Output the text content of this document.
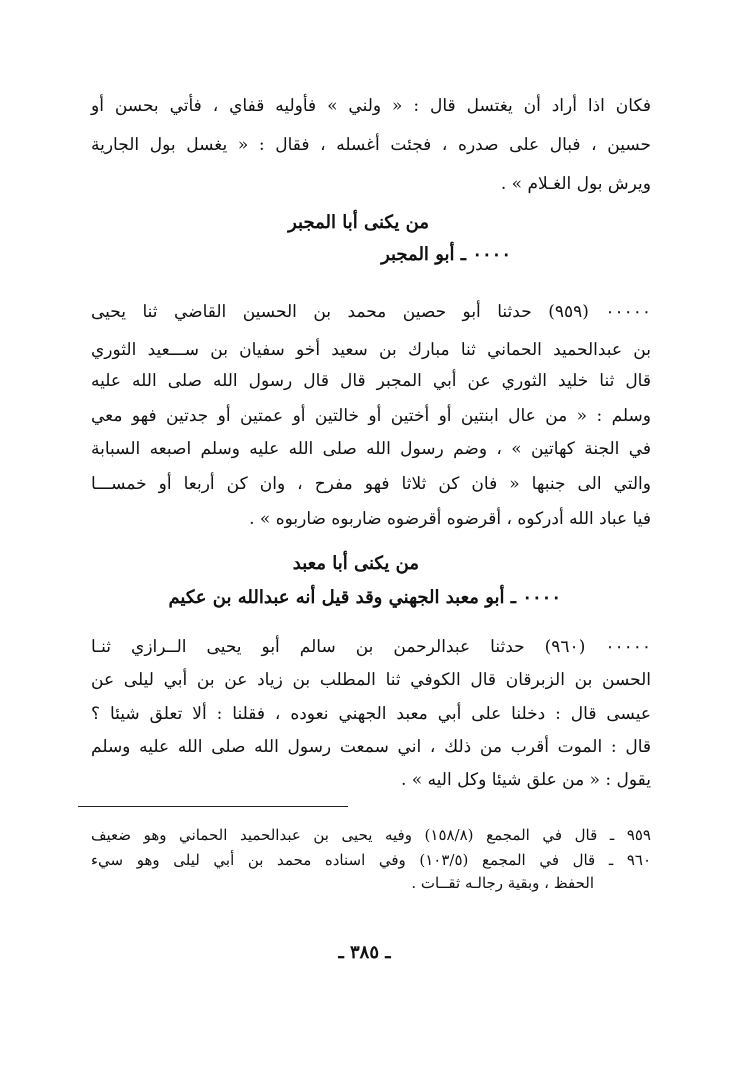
فكان اذا أراد أن يغتسل قال : « ولني » فأوليه قفاي ، فأتي بحسن أو
حسين ، فبال على صدره ، فجئت أغسله ، فقال : « يغسل بول الجارية
ويرش بول الغـلام » .
من يكنى أبا المجبر
٠٠٠٠ ـ أبو المجبر
٠٠٠٠٠ (٩٥٩) حدثنا أبو حصين محمد بن الحسين القاضي ثنا يحيى
بن عبدالحميد الحماني ثنا مبارك بن سعيد أخو سفيان بن ســـعيد الثوري
قال ثنا خليد الثوري عن أبي المجبر قال قال رسول الله صلى الله عليه
وسلم : « من عال ابنتين أو أختين أو خالتين أو عمتين أو جدتين فهو معي
في الجنة كهاتين » ، وضم رسول الله صلى الله عليه وسلم اصبعه السبابة
والتي الى جنبها « فان كن ثلاثا فهو مفرح ، وان كن أربعا أو خمســـا
فيا عباد الله أدركوه ، أقرضوه أقرضوه ضاربوه ضاربوه » .
من يكنى أبا معبد
٠٠٠٠ ـ أبو معبد الجهني وقد قيل أنه عبدالله بن عكيم
٠٠٠٠٠ (٩٦٠) حدثنا عبدالرحمن بن سالم أبو يحيى الــرازي ثنـا
الحسن بن الزبرقان قال الكوفي ثنا المطلب بن زياد عن بن أبي ليلى عن
عيسى قال : دخلنا على أبي معبد الجهني نعوده ، فقلنا : ألا تعلق شيئا ؟
قال : الموت أقرب من ذلك ، اني سمعت رسول الله صلى الله عليه وسلم
يقول : « من علق شيئا وكل اليه » .
٩٥٩ ـ قال في المجمع (١٥٨/٨) وفيه يحيى بن عبدالحميد الحماني وهو ضعيف
٩٦٠ ـ قال في المجمع (١٠٣/٥) وفي اسناده محمد بن أبي ليلى وهو سيء
الحفظ ، وبقية رجالـه ثقــات .
ـ ٣٨٥ ـ
